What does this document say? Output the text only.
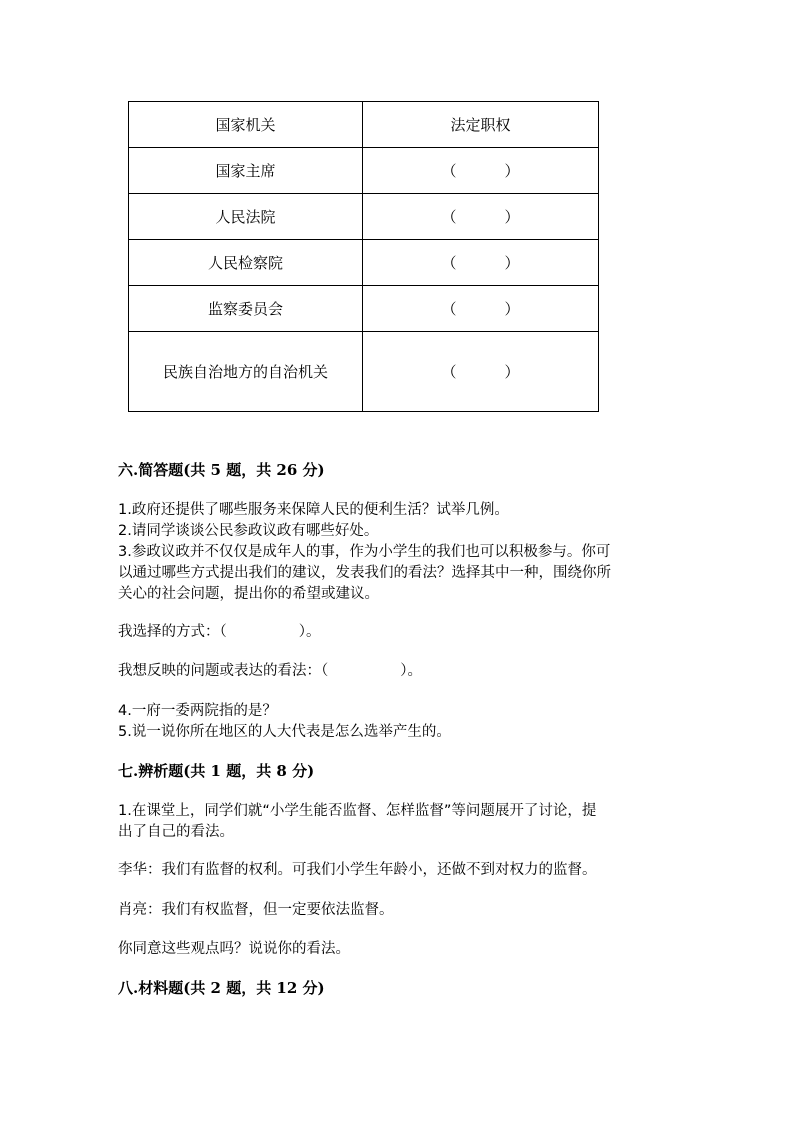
国家机关	法定职权
国家主席	（ ）
人民法院	（ ）
人民检察院	（ ）
监察委员会	（ ）
民族自治地方的自治机关	（ ）
六.简答题(共 5 题，共 26 分)
1.政府还提供了哪些服务来保障人民的便利生活？试举几例。
2.请同学谈谈公民参政议政有哪些好处。
3.参政议政并不仅仅是成年人的事，作为小学生的我们也可以积极参与。你可
以通过哪些方式提出我们的建议，发表我们的看法？选择其中一种，围绕你所
关心的社会问题，提出你的希望或建议。
我选择的方式：（	）。
我想反映的问题或表达的看法：（	）。
4.一府一委两院指的是？
5.说一说你所在地区的人大代表是怎么选举产生的。
七.辨析题(共 1 题，共 8 分)
1.在课堂上，同学们就“小学生能否监督、怎样监督”等问题展开了讨论，提
出了自己的看法。
李华：我们有监督的权利。可我们小学生年龄小，还做不到对权力的监督。
肖亮：我们有权监督，但一定要依法监督。
你同意这些观点吗？说说你的看法。
八.材料题(共 2 题，共 12 分)
